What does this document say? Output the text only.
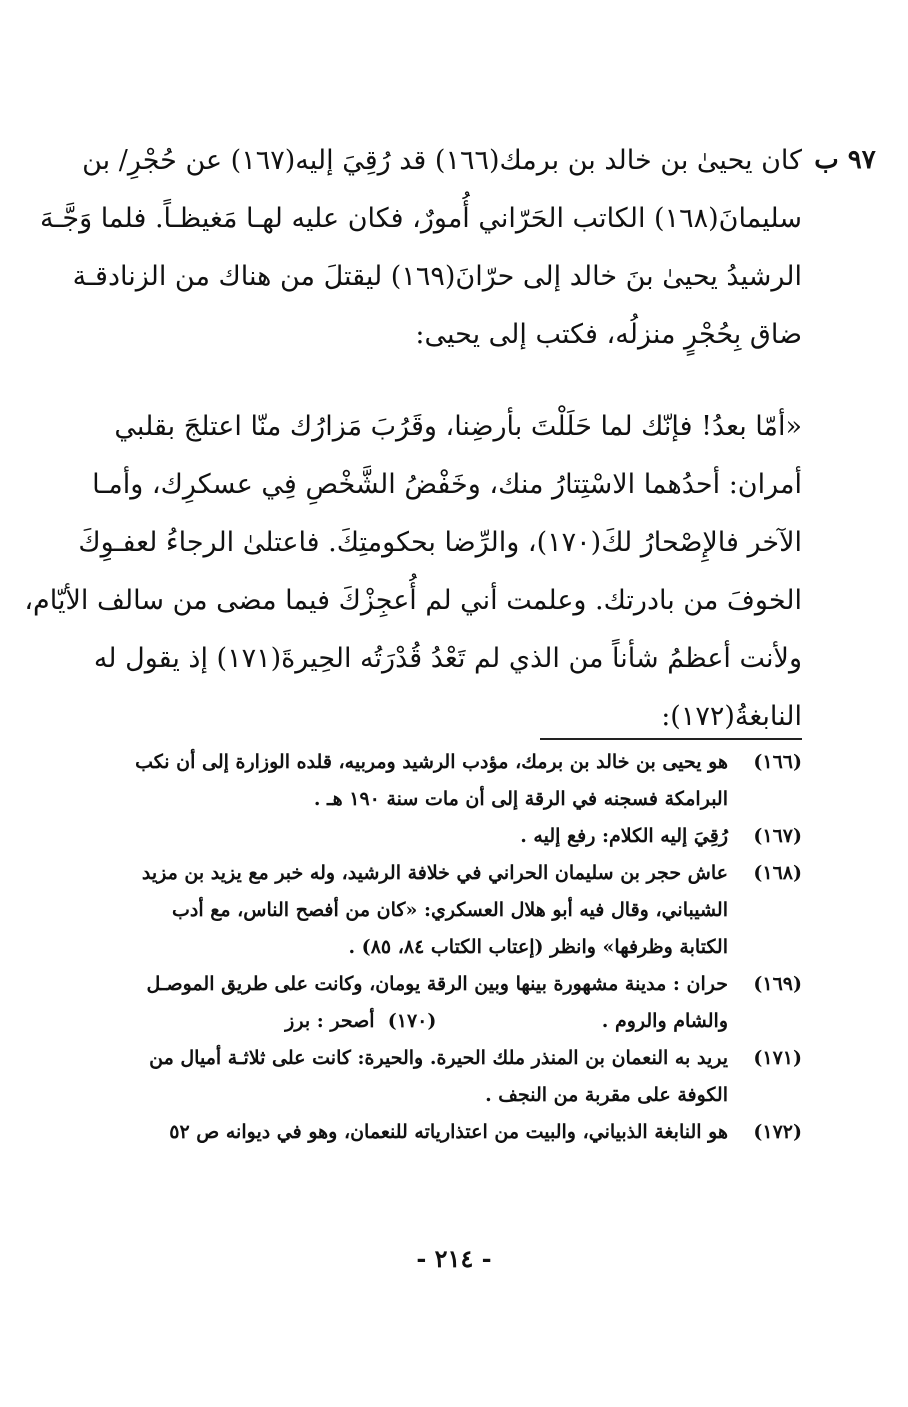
٩٧ ب
كان يحيىٰ بن خالد بن برمك(١٦٦) قد رُقِيَ إليه(١٦٧) عن حُجْرِ/ بن
سليمانَ(١٦٨) الكاتب الحَرّاني أُمورٌ، فكان عليه لهـا مَغيظـاً. فلما وَجَّـهَ
الرشيدُ يحيىٰ بنَ خالد إلى حرّانَ(١٦٩) ليقتلَ من هناك من الزنادقـة
ضاق بِحُجْرٍ منزلُه، فكتب إلى يحيى:
«أمّا بعدُ! فإنّك لما حَلَلْتَ بأرضِنا، وقَرُبَ مَزارُك منّا اعتلجَ بقلبي
أمران: أحدُهما الاسْتِتارُ منك، وخَفْضُ الشَّخْصِ فِي عسكرِك، وأمـا
الآخر فالإِصْحارُ لكَ(١٧٠)، والرِّضا بحكومتِكَ. فاعتلىٰ الرجاءُ لعفـوِكَ
الخوفَ من بادرتك. وعلمت أني لم أُعجِزْكَ فيما مضى من سالف الأيّام،
ولأنت أعظمُ شأناً من الذي لم تَعْدُ قُدْرَتُه الحِيرةَ(١٧١) إذ يقول له
النابغةُ(١٧٢):
(١٦٦)هو يحيى بن خالد بن برمك، مؤدب الرشيد ومربيه، قلده الوزارة إلى أن نكب
البرامكة فسجنه في الرقة إلى أن مات سنة ١٩٠ هـ .
(١٦٧)رُقِيَ إليه الكلام: رفع إليه .
(١٦٨)عاش حجر بن سليمان الحراني في خلافة الرشيد، وله خبر مع يزيد بن مزيد
الشيباني، وقال فيه أبو هلال العسكري: «كان من أفصح الناس، مع أدب
الكتابة وظرفها» وانظر (إعتاب الكتاب ٨٤، ٨٥) .
(١٦٩)حران : مدينة مشهورة بينها وبين الرقة يومان، وكانت على طريق الموصـل
والشام والروم .                         (١٧٠)  أصحر : برز
(١٧١)يريد به النعمان بن المنذر ملك الحيرة. والحيرة: كانت على ثلاثـة أميال من
الكوفة على مقربة من النجف .
(١٧٢)هو النابغة الذبياني، والبيت من اعتذارياته للنعمان، وهو في ديوانه ص ٥٢
- ٢١٤ -
